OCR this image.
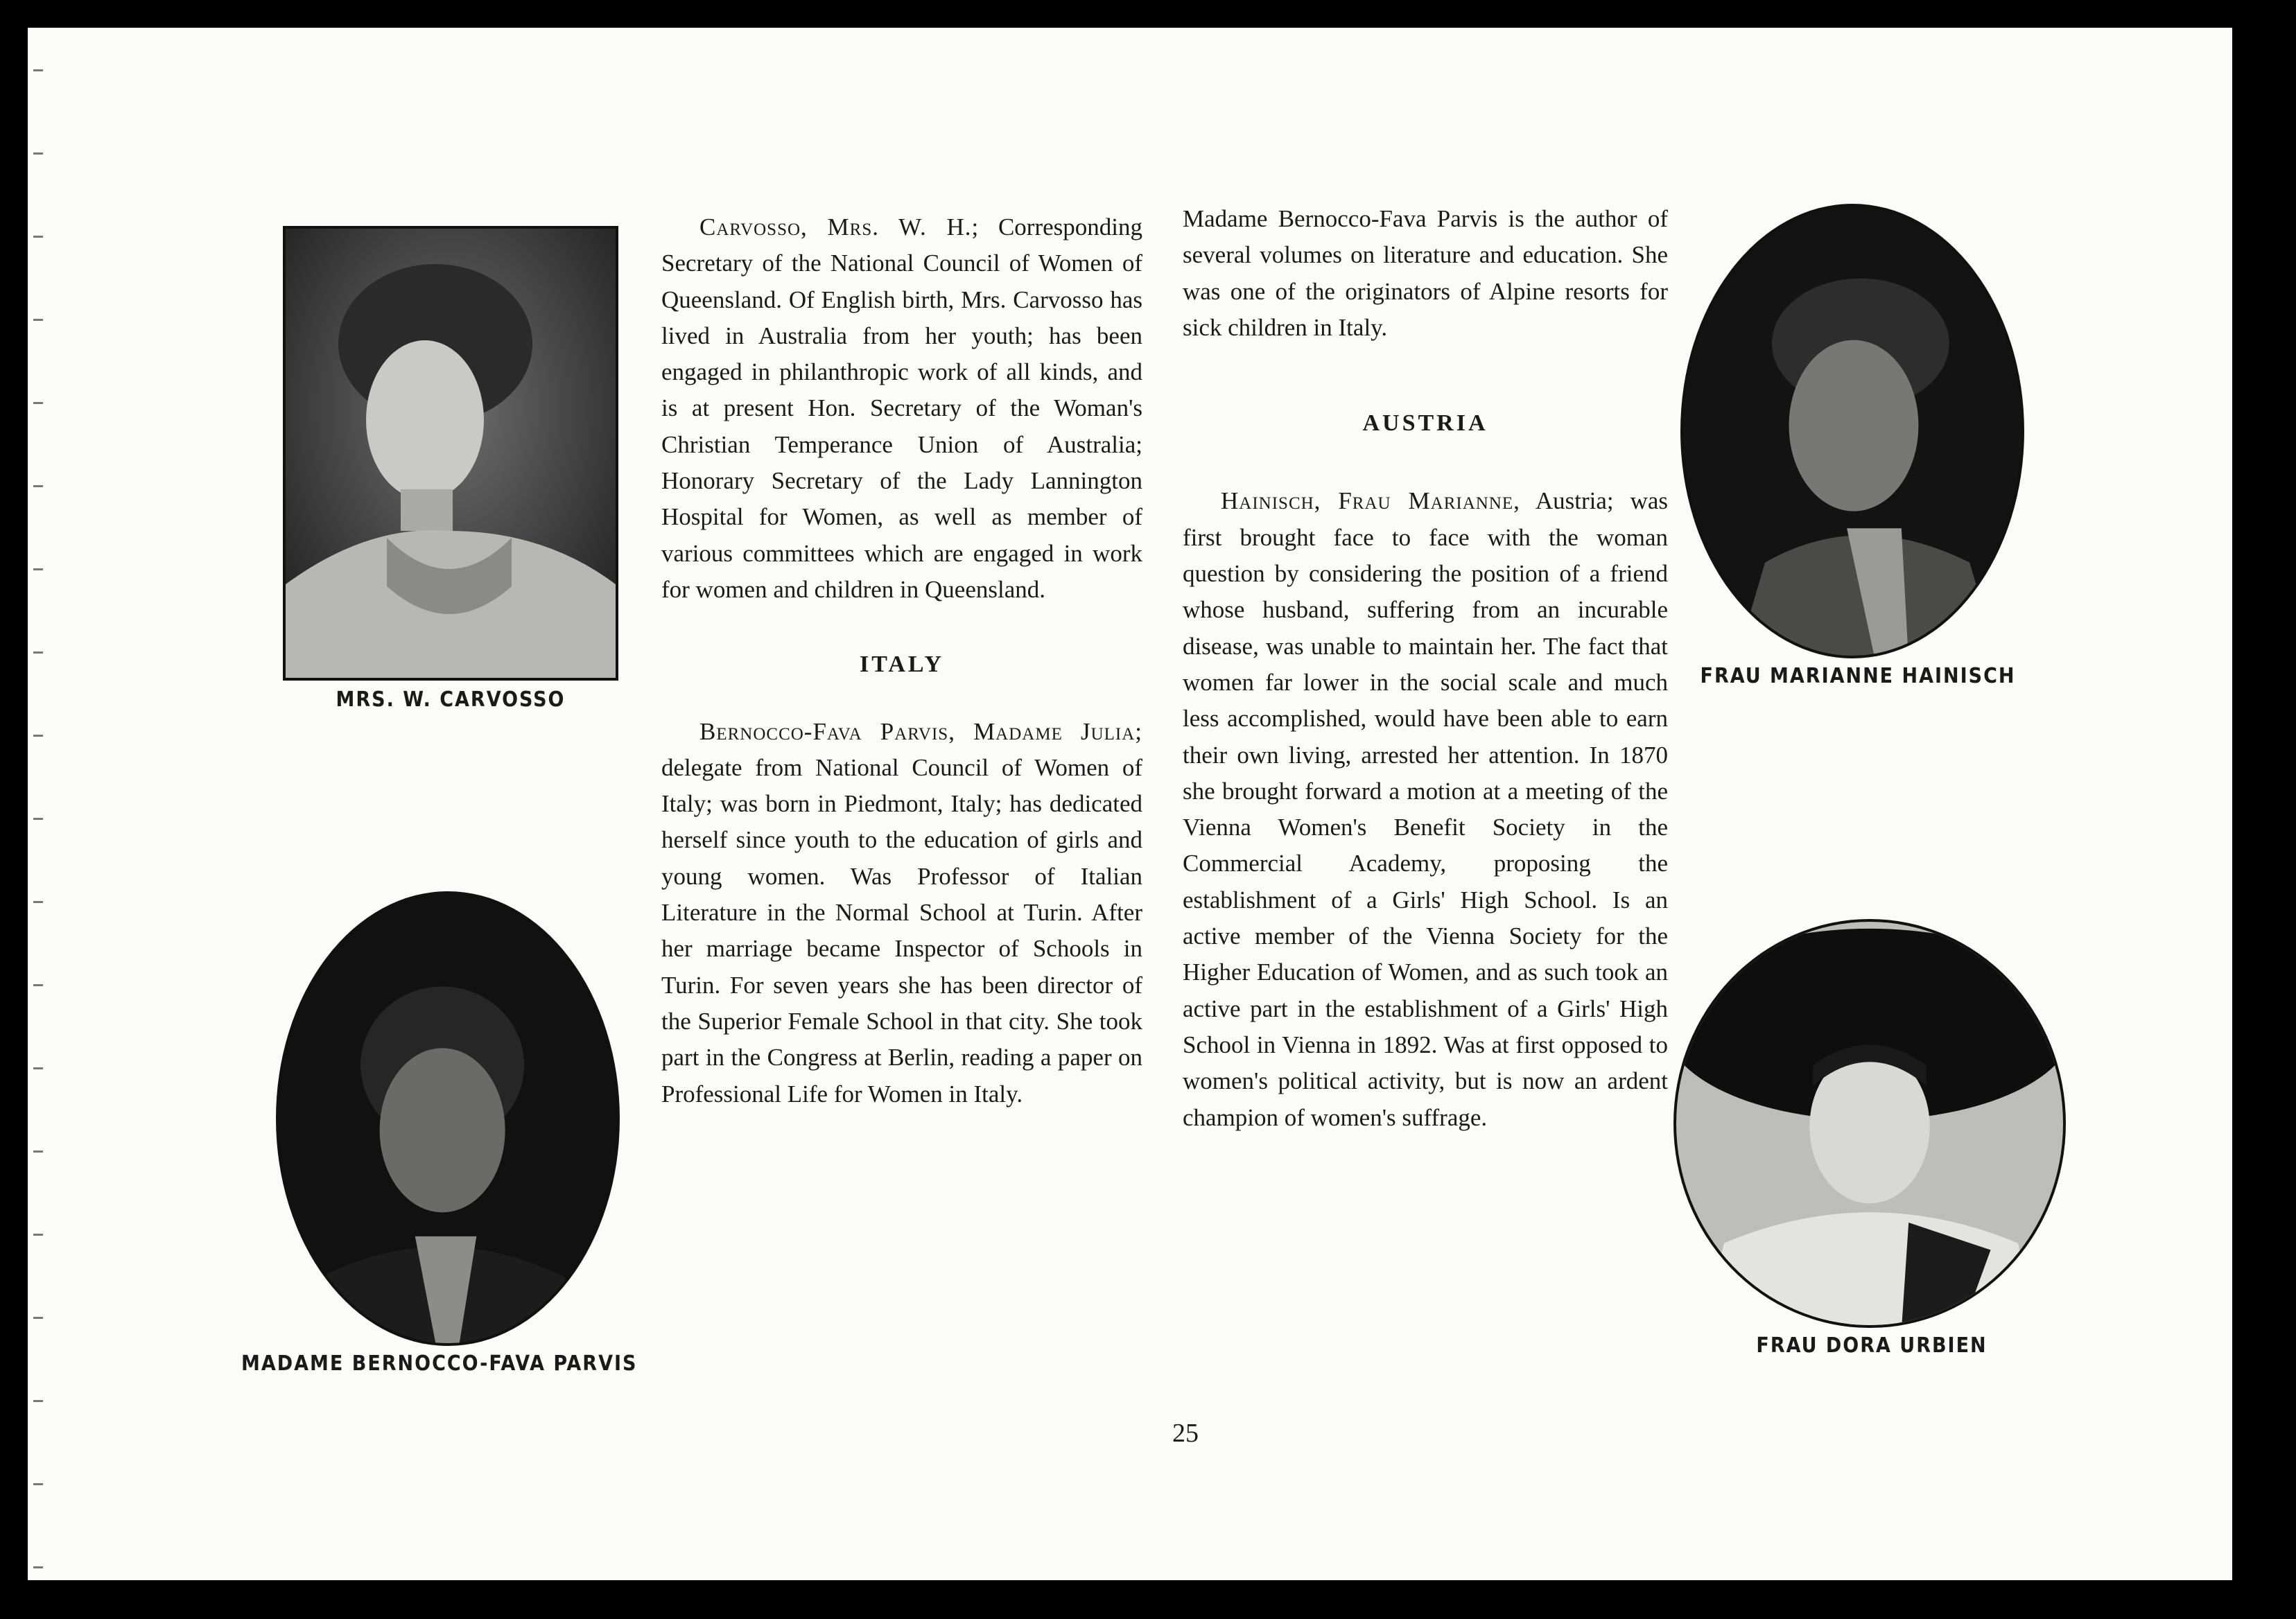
MRS. W. CARVOSSO
MADAME BERNOCCO-FAVA PARVIS

Carvosso, Mrs. W. H.; Corresponding Secretary of the National Council of Women of Queensland. Of English birth, Mrs. Carvosso has lived in Australia from her youth; has been engaged in philanthropic work of all kinds, and is at present Hon. Secretary of the Woman's Christian Temperance Union of Australia; Honorary Secretary of the Lady Lannington Hospital for Women, as well as member of various committees which are engaged in work for women and children in Queensland.

ITALY

Bernocco-Fava Parvis, Madame Julia; delegate from National Council of Women of Italy; was born in Piedmont, Italy; has dedicated herself since youth to the education of girls and young women. Was Professor of Italian Literature in the Normal School at Turin. After her marriage became Inspector of Schools in Turin. For seven years she has been director of the Superior Female School in that city. She took part in the Congress at Berlin, reading a paper on Professional Life for Women in Italy.

Madame Bernocco-Fava Parvis is the author of several volumes on literature and education. She was one of the originators of Alpine resorts for sick children in Italy.

AUSTRIA

Hainisch, Frau Marianne, Austria; was first brought face to face with the woman question by considering the position of a friend whose husband, suffering from an incurable disease, was unable to maintain her. The fact that women far lower in the social scale and much less accomplished, would have been able to earn their own living, arrested her attention. In 1870 she brought forward a motion at a meeting of the Vienna Women's Benefit Society in the Commercial Academy, proposing the establishment of a Girls' High School. Is an active member of the Vienna Society for the Higher Education of Women, and as such took an active part in the establishment of a Girls' High School in Vienna in 1892. Was at first opposed to women's political activity, but is now an ardent champion of women's suffrage.

FRAU MARIANNE HAINISCH
FRAU DORA URBIEN
25
